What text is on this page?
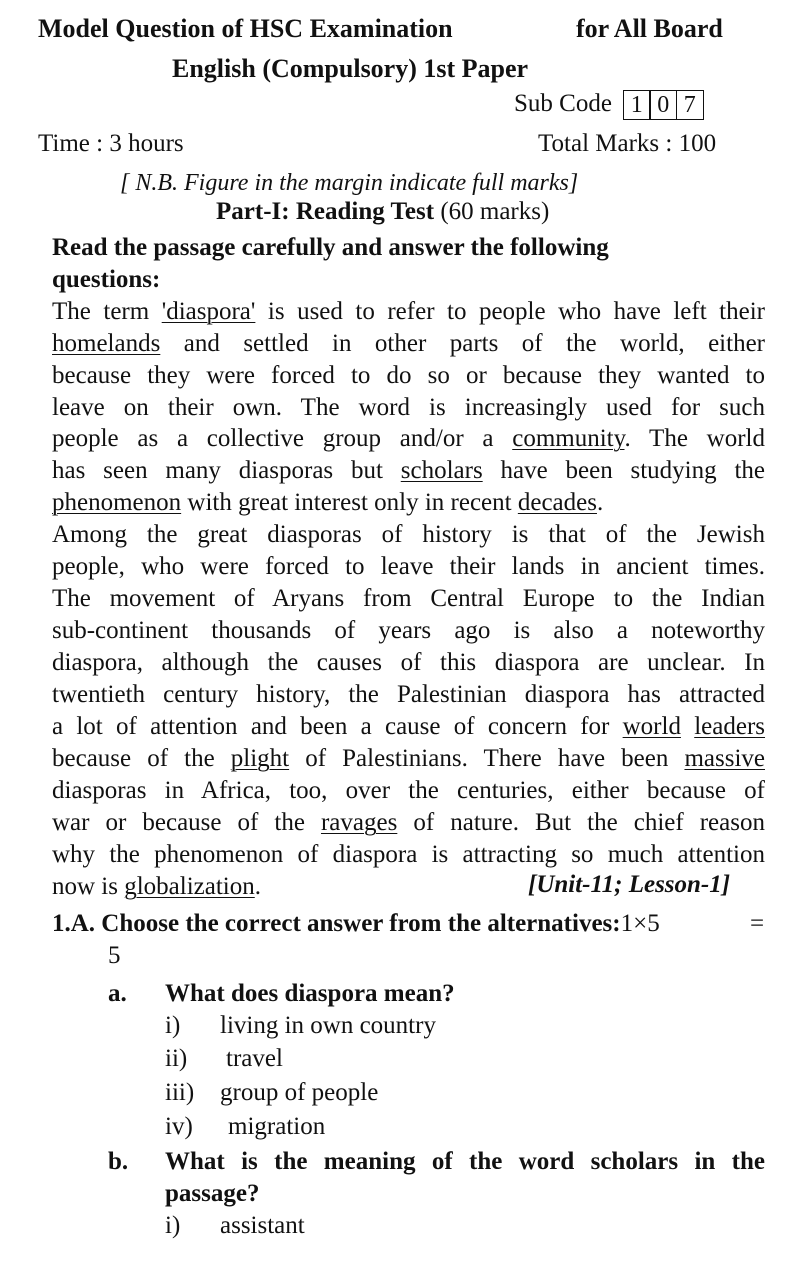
Model Question of HSC Examination	for All Board
English (Compulsory) 1st Paper
Sub Code 1 0 7
Time : 3 hours	Total Marks : 100
[ N.B. Figure in the margin indicate full marks]
Part-I: Reading Test (60 marks)
Read the passage carefully and answer the following
questions:
The term 'diaspora' is used to refer to people who have left their
homelands and settled in other parts of the world, either
because they were forced to do so or because they wanted to
leave on their own. The word is increasingly used for such
people as a collective group and/or a community. The world
has seen many diasporas but scholars have been studying the
phenomenon with great interest only in recent decades.
Among the great diasporas of history is that of the Jewish
people, who were forced to leave their lands in ancient times.
The movement of Aryans from Central Europe to the Indian
sub-continent thousands of years ago is also a noteworthy
diaspora, although the causes of this diaspora are unclear. In
twentieth century history, the Palestinian diaspora has attracted
a lot of attention and been a cause of concern for world leaders
because of the plight of Palestinians. There have been massive
diasporas in Africa, too, over the centuries, either because of
war or because of the ravages of nature. But the chief reason
why the phenomenon of diaspora is attracting so much attention
now is globalization.	[Unit-11; Lesson-1]
1.A. Choose the correct answer from the alternatives:1×5	=
5
a. What does diaspora mean?
i) living in own country
ii) travel
iii) group of people
iv) migration
b. What is the meaning of the word scholars in the
passage?
i) assistant
